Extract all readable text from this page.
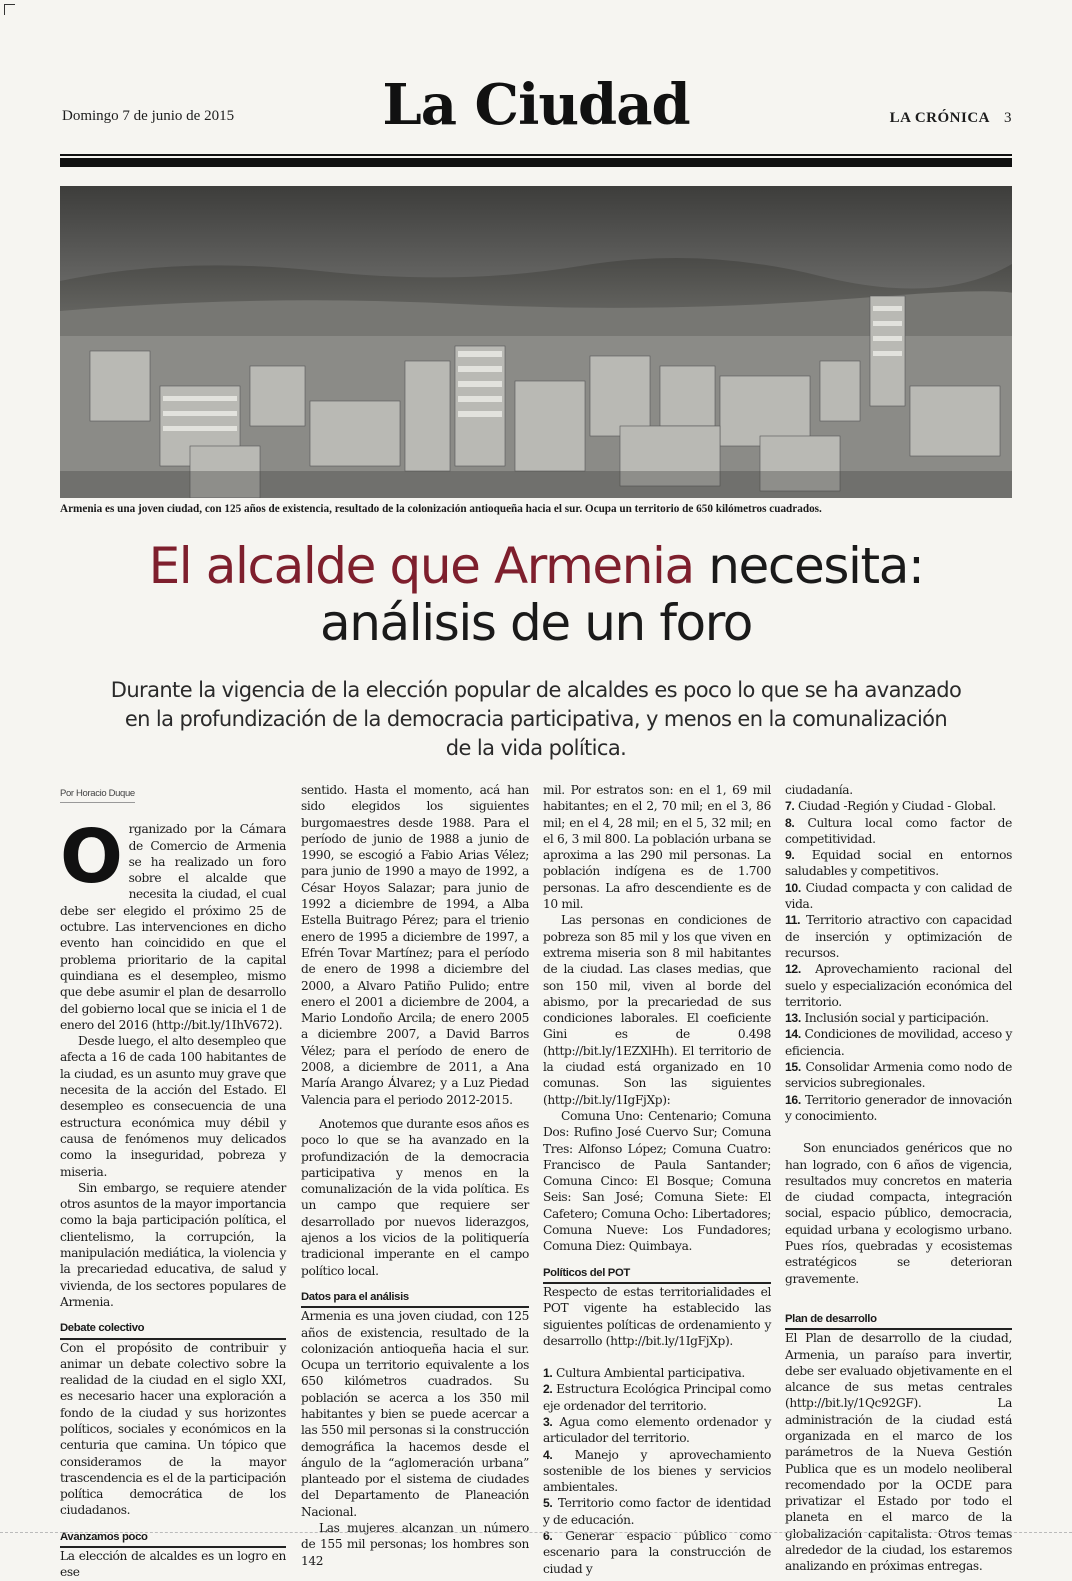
Domingo 7 de junio de 2015	La Ciudad	LA CRÓNICA 3
Armenia es una joven ciudad, con 125 años de existencia, resultado de la colonización antioqueña hacia el sur. Ocupa un territorio de 650 kilómetros cuadrados.
El alcalde que Armenia necesita:
análisis de un foro
Durante la vigencia de la elección popular de alcaldes es poco lo que se ha avanzado en la profundización de la democracia participativa, y menos en la comunalización de la vida política.
Por Horacio Duque

Organizado por la Cámara de Comercio de Armenia se ha realizado un foro sobre el alcalde que necesita la ciudad, el cual debe ser elegido el próximo 25 de octubre. Las intervenciones en dicho evento han coincidido en que el problema prioritario de la capital quindiana es el desempleo, mismo que debe asumir el plan de desarrollo del gobierno local que se inicia el 1 de enero del 2016 (http://bit.ly/1IhV672).

Desde luego, el alto desempleo que afecta a 16 de cada 100 habitantes de la ciudad, es un asunto muy grave que necesita de la acción del Estado. El desempleo es consecuencia de una estructura económica muy débil y causa de fenómenos muy delicados como la inseguridad, pobreza y miseria.

Sin embargo, se requiere atender otros asuntos de la mayor importancia como la baja participación política, el clientelismo, la corrupción, la manipulación mediática, la violencia y la precariedad educativa, de salud y vivienda, de los sectores populares de Armenia.

Debate colectivo

Con el propósito de contribuir y animar un debate colectivo sobre la realidad de la ciudad en el siglo XXI, es necesario hacer una exploración a fondo de la ciudad y sus horizontes políticos, sociales y económicos en la centuria que camina. Un tópico que consideramos de la mayor trascendencia es el de la participación política democrática de los ciudadanos.

Avanzamos poco

La elección de alcaldes es un logro en ese

sentido. Hasta el momento, acá han sido elegidos los siguientes burgomaestres desde 1988. Para el período de junio de 1988 a junio de 1990, se escogió a Fabio Arias Vélez; para junio de 1990 a mayo de 1992, a César Hoyos Salazar; para junio de 1992 a diciembre de 1994, a Alba Estella Buitrago Pérez; para el trienio enero de 1995 a diciembre de 1997, a Efrén Tovar Martínez; para el período de enero de 1998 a diciembre del 2000, a Alvaro Patiño Pulido; entre enero el 2001 a diciembre de 2004, a Mario Londoño Arcila; de enero 2005 a diciembre 2007, a David Barros Vélez; para el período de enero de 2008, a diciembre de 2011, a Ana María Arango Álvarez; y a Luz Piedad Valencia para el periodo 2012-2015.

Anotemos que durante esos años es poco lo que se ha avanzado en la profundización de la democracia participativa y menos en la comunalización de la vida política. Es un campo que requiere ser desarrollado por nuevos liderazgos, ajenos a los vicios de la politiquería tradicional imperante en el campo político local.

Datos para el análisis

Armenia es una joven ciudad, con 125 años de existencia, resultado de la colonización antioqueña hacia el sur. Ocupa un territorio equivalente a los 650 kilómetros cuadrados. Su población se acerca a los 350 mil habitantes y bien se puede acercar a las 550 mil personas si la construcción demográfica la hacemos desde el ángulo de la “aglomeración urbana” planteado por el sistema de ciudades del Departamento de Planeación Nacional.

Las mujeres alcanzan un número de 155 mil personas; los hombres son 142

mil. Por estratos son: en el 1, 69 mil habitantes; en el 2, 70 mil; en el 3, 86 mil; en el 4, 28 mil; en el 5, 32 mil; en el 6, 3 mil 800. La población urbana se aproxima a las 290 mil personas. La población indígena es de 1.700 personas. La afro descendiente es de 10 mil.

Las personas en condiciones de pobreza son 85 mil y los que viven en extrema miseria son 8 mil habitantes de la ciudad. Las clases medias, que son 150 mil, viven al borde del abismo, por la precariedad de sus condiciones laborales. El coeficiente Gini es de 0.498 (http://bit.ly/1EZXlHh). El territorio de la ciudad está organizado en 10 comunas. Son las siguientes (http://bit.ly/1IgFjXp):

Comuna Uno: Centenario; Comuna Dos: Rufino José Cuervo Sur; Comuna Tres: Alfonso López; Comuna Cuatro: Francisco de Paula Santander; Comuna Cinco: El Bosque; Comuna Seis: San José; Comuna Siete: El Cafetero; Comuna Ocho: Libertadores; Comuna Nueve: Los Fundadores; Comuna Diez: Quimbaya.

Políticos del POT

Respecto de estas territorialidades el POT vigente ha establecido las siguientes políticas de ordenamiento y desarrollo (http://bit.ly/1IgFjXp).

1. Cultura Ambiental participativa.

2. Estructura Ecológica Principal como eje ordenador del territorio.

3. Agua como elemento ordenador y articulador del territorio.

4. Manejo y aprovechamiento sostenible de los bienes y servicios ambientales.

5. Territorio como factor de identidad y de educación.

6. Generar espacio público como escenario para la construcción de ciudad y

ciudadanía.

7. Ciudad -Región y Ciudad - Global.

8. Cultura local como factor de competitividad.

9. Equidad social en entornos saludables y competitivos.

10. Ciudad compacta y con calidad de vida.

11. Territorio atractivo con capacidad de inserción y optimización de recursos.

12. Aprovechamiento racional del suelo y especialización económica del territorio.

13. Inclusión social y participación.

14. Condiciones de movilidad, acceso y eficiencia.

15. Consolidar Armenia como nodo de servicios subregionales.

16. Territorio generador de innovación y conocimiento.

Son enunciados genéricos que no han logrado, con 6 años de vigencia, resultados muy concretos en materia de ciudad compacta, integración social, espacio público, democracia, equidad urbana y ecologismo urbano. Pues ríos, quebradas y ecosistemas estratégicos se deterioran gravemente.

Plan de desarrollo

El Plan de desarrollo de la ciudad, Armenia, un paraíso para invertir, debe ser evaluado objetivamente en el alcance de sus metas centrales (http://bit.ly/1Qc92GF). La administración de la ciudad está organizada en el marco de los parámetros de la Nueva Gestión Publica que es un modelo neoliberal recomendado por la OCDE para privatizar el Estado por todo el planeta en el marco de la globalización capitalista. Otros temas alrededor de la ciudad, los estaremos analizando en próximas entregas.
